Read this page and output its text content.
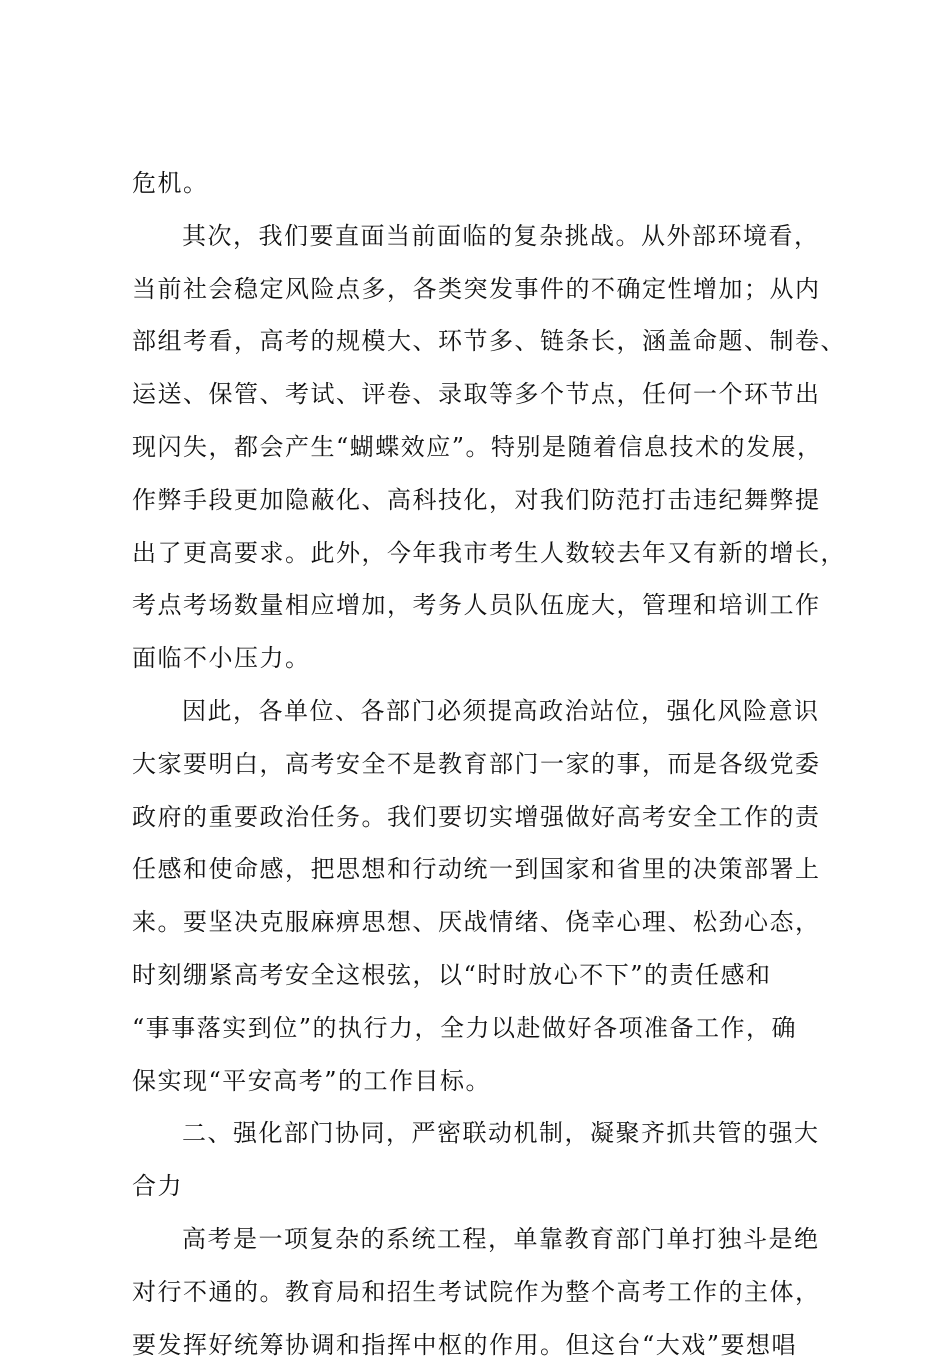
危机。
其次，我们要直面当前面临的复杂挑战。从外部环境看，
当前社会稳定风险点多，各类突发事件的不确定性增加；从内
部组考看，高考的规模大、环节多、链条长，涵盖命题、制卷、
运送、保管、考试、评卷、录取等多个节点，任何一个环节出
现闪失，都会产生“蝴蝶效应”。特别是随着信息技术的发展，
作弊手段更加隐蔽化、高科技化，对我们防范打击违纪舞弊提
出了更高要求。此外，今年我市考生人数较去年又有新的增长，
考点考场数量相应增加，考务人员队伍庞大，管理和培训工作
面临不小压力。
因此，各单位、各部门必须提高政治站位，强化风险意识
大家要明白，高考安全不是教育部门一家的事，而是各级党委
政府的重要政治任务。我们要切实增强做好高考安全工作的责
任感和使命感，把思想和行动统一到国家和省里的决策部署上
来。要坚决克服麻痹思想、厌战情绪、侥幸心理、松劲心态，
时刻绷紧高考安全这根弦，以“时时放心不下”的责任感和
“事事落实到位”的执行力，全力以赴做好各项准备工作，确
保实现“平安高考”的工作目标。
二、强化部门协同，严密联动机制，凝聚齐抓共管的强大
合力
高考是一项复杂的系统工程，单靠教育部门单打独斗是绝
对行不通的。教育局和招生考试院作为整个高考工作的主体，
要发挥好统筹协调和指挥中枢的作用。但这台“大戏”要想唱
